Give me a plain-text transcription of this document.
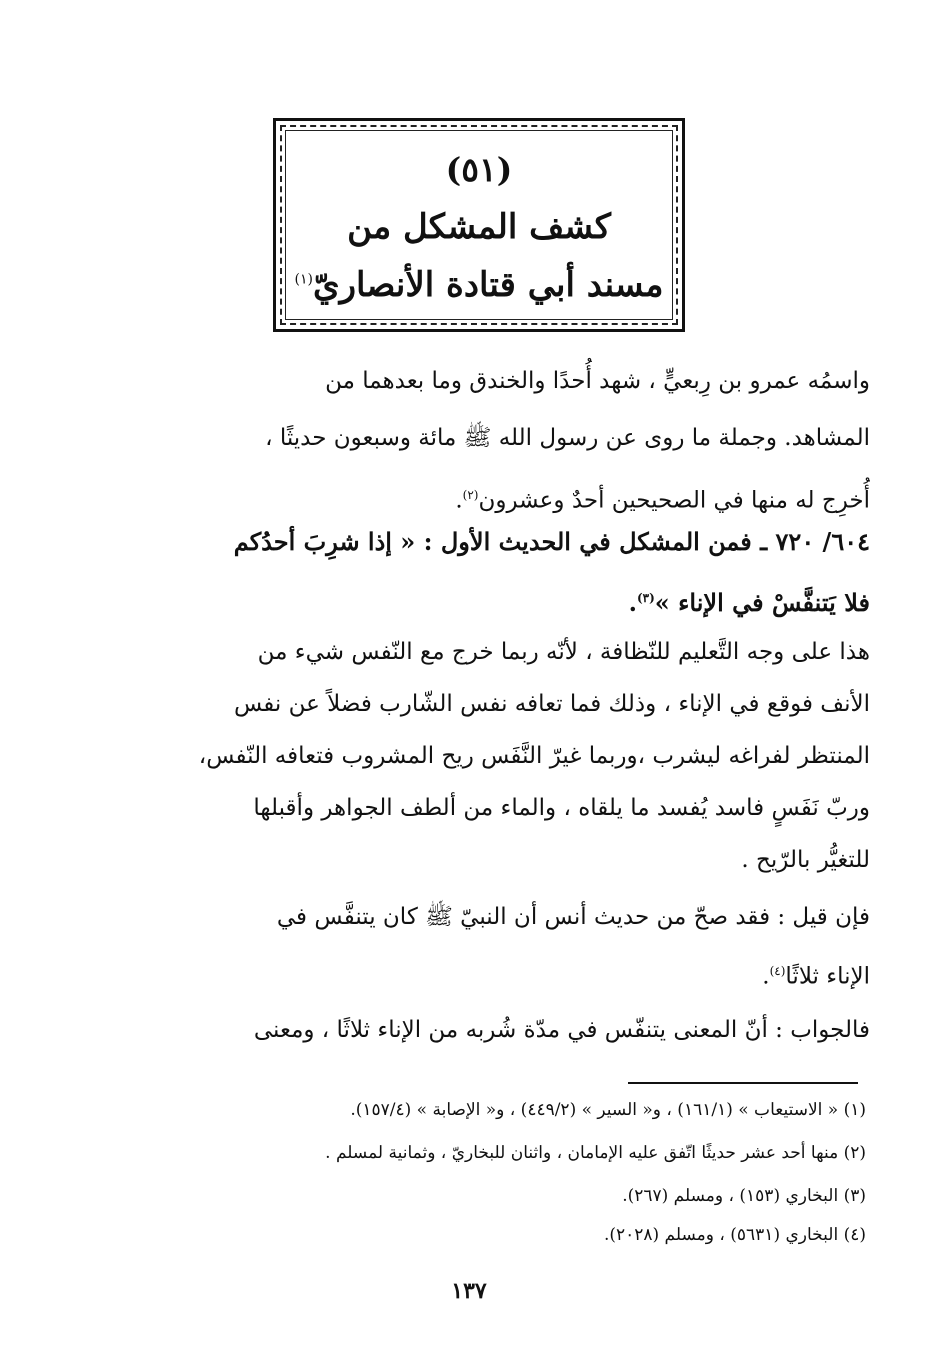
(٥١)
كشف المشكل من
مسند أبي قتادة الأنصاريّ$^{(١)}$

واسمُه عمرو بن رِبعيٍّ ، شهد أُحدًا والخندق وما بعدهما من
المشاهد. وجملة ما روى عن رسول الله ﷺ مائة وسبعون حديثًا ،
أُخرِج له منها في الصحيحين أحدٌ وعشرون$^{(٢)}$.

٦٠٤/ ٧٢٠ ـ فمن المشكل في الحديث الأول : « إذا شرِبَ أحدُكم
فلا يَتنفَّسْ في الإناء »$^{(٣)}$.

هذا على وجه التَّعليم للنّظافة ، لأنّه ربما خرج مع النّفس شيء من
الأنف فوقع في الإناء ، وذلك فما تعافه نفس الشّارب فضلاً عن نفس
المنتظر لفراغه ليشرب ،وربما غيرّ النَّفَس ريح المشروب فتعافه النّفس،
وربّ نَفَسٍ فاسد يُفسد ما يلقاه ، والماء من ألطف الجواهر وأقبلها
للتغيُّر بالرّيح .

فإن قيل : فقد صحّ من حديث أنس أن النبيّ ﷺ كان يتنفَّس في
الإناء ثلاثًا$^{(٤)}$.

فالجواب : أنّ المعنى يتنفّس في مدّة شُربه من الإناء ثلاثًا ، ومعنى

(١) « الاستيعاب » (١٦١/١) ، و« السير » (٤٤٩/٢) ، و« الإصابة » (١٥٧/٤).
(٢) منها أحد عشر حديثًا اتّفق عليه الإمامان ، واثنان للبخاريّ ، وثمانية لمسلم .
(٣) البخاري (١٥٣) ، ومسلم (٢٦٧).
(٤) البخاري (٥٦٣١) ، ومسلم (٢٠٢٨).
١٣٧
